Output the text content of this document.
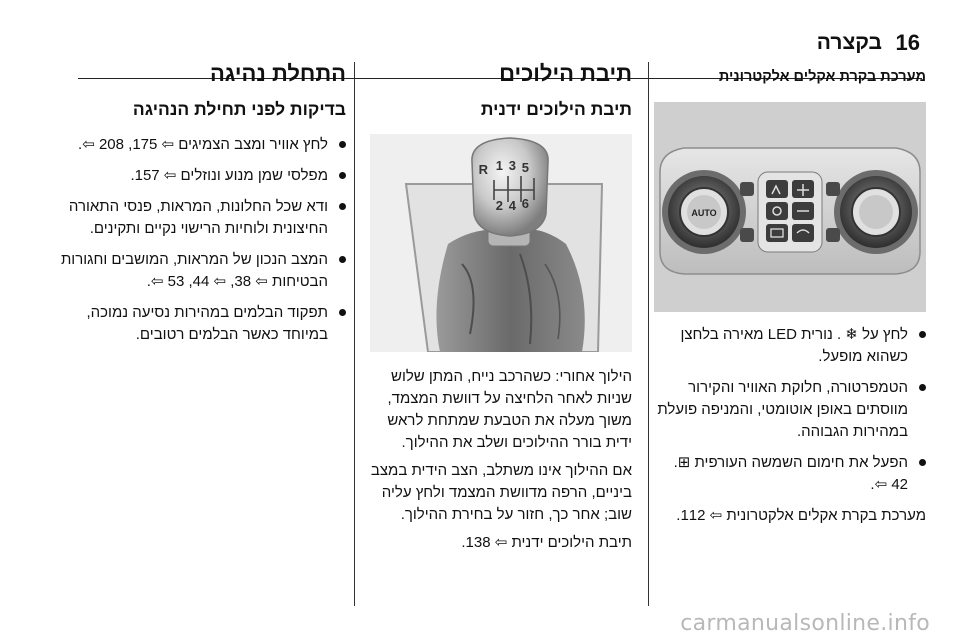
16
בקצרה
מערכת בקרת אקלים אלקטרונית
AUTO
לחץ על ❄ . נורית LED מאירה בלחצן כשהוא מופעל.
הטמפרטורה, חלוקת האוויר והקירור מווסתים באופן אוטומטי, והמניפה פועלת במהירות הגבוהה.
הפעל את חימום השמשה העורפית ⊞.
42 ⇦.

מערכת בקרת אקלים אלקטרונית ⇦ 112.

תיבת הילוכים
תיבת הילוכים ידנית
R 1 3 5
2 4 6

הילוך אחורי: כשהרכב נייח, המתן שלוש שניות לאחר הלחיצה על דוושת המצמד, משוך מעלה את הטבעת שמתחת לראש ידית בורר ההילוכים ושלב את ההילוך.

אם ההילוך אינו משתלב, הצב הידית במצב ביניים, הרפה מדוושת המצמד ולחץ עליה שוב; אחר כך, חזור על בחירת ההילוך.

תיבת הילוכים ידנית ⇦ 138.

התחלת נהיגה
בדיקות לפני תחילת הנהיגה
לחץ אוויר ומצב הצמיגים ⇦ 175, 208 ⇦.
מפלסי שמן מנוע ונוזלים ⇦ 157.
ודא שכל החלונות, המראות, פנסי התאורה החיצונית ולוחיות הרישוי נקיים ותקינים.
המצב הנכון של המראות, המושבים וחגורות הבטיחות ⇦ 38, ⇦ 44, 53 ⇦.
תפקוד הבלמים במהירות נסיעה נמוכה, במיוחד כאשר הבלמים רטובים.
carmanualsonline.info
